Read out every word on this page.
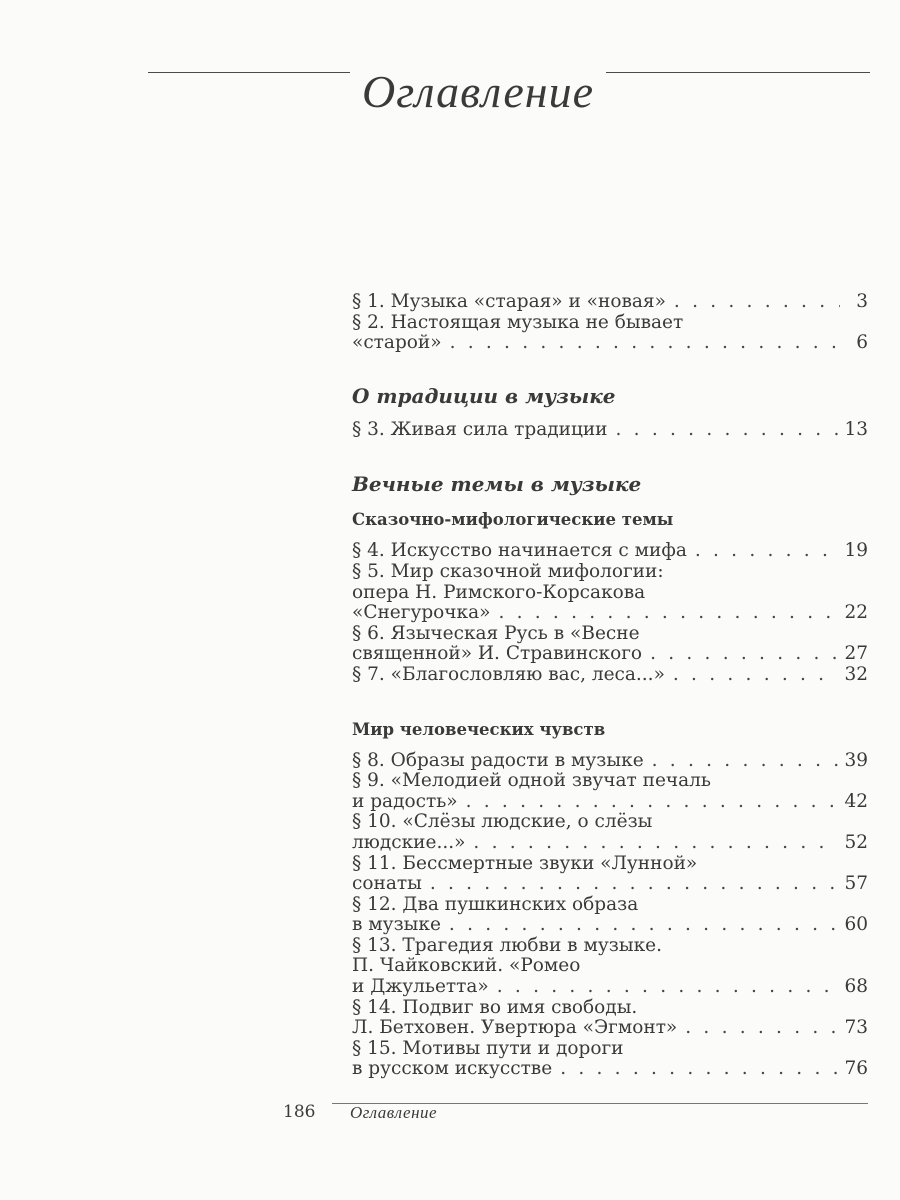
Оглавление
§ 1. Музыка «старая» и «новая» . . .	3
§ 2. Настоящая музыка не бывает
«старой» . . .	6
О традиции в музыке
§ 3. Живая сила традиции . . .	13
Вечные темы в музыке
Сказочно-мифологические темы
§ 4. Искусство начинается с мифа . . .	19
§ 5. Мир сказочной мифологии:
опера Н. Римского-Корсакова
«Снегурочка» . . .	22
§ 6. Языческая Русь в «Весне
священной» И. Стравинского . . .	27
§ 7. «Благословляю вас, леса...» . . .	32
Мир человеческих чувств
§ 8. Образы радости в музыке . . .	39
§ 9. «Мелодией одной звучат печаль
и радость» . . .	42
§ 10. «Слёзы людские, о слёзы
людские...» . . .	52
§ 11. Бессмертные звуки «Лунной»
сонаты . . .	57
§ 12. Два пушкинских образа
в музыке . . .	60
§ 13. Трагедия любви в музыке.
П. Чайковский. «Ромео
и Джульетта» . . .	68
§ 14. Подвиг во имя свободы.
Л. Бетховен. Увертюра «Эгмонт» . . .	73
§ 15. Мотивы пути и дороги
в русском искусстве . . .	76
186 Оглавление
